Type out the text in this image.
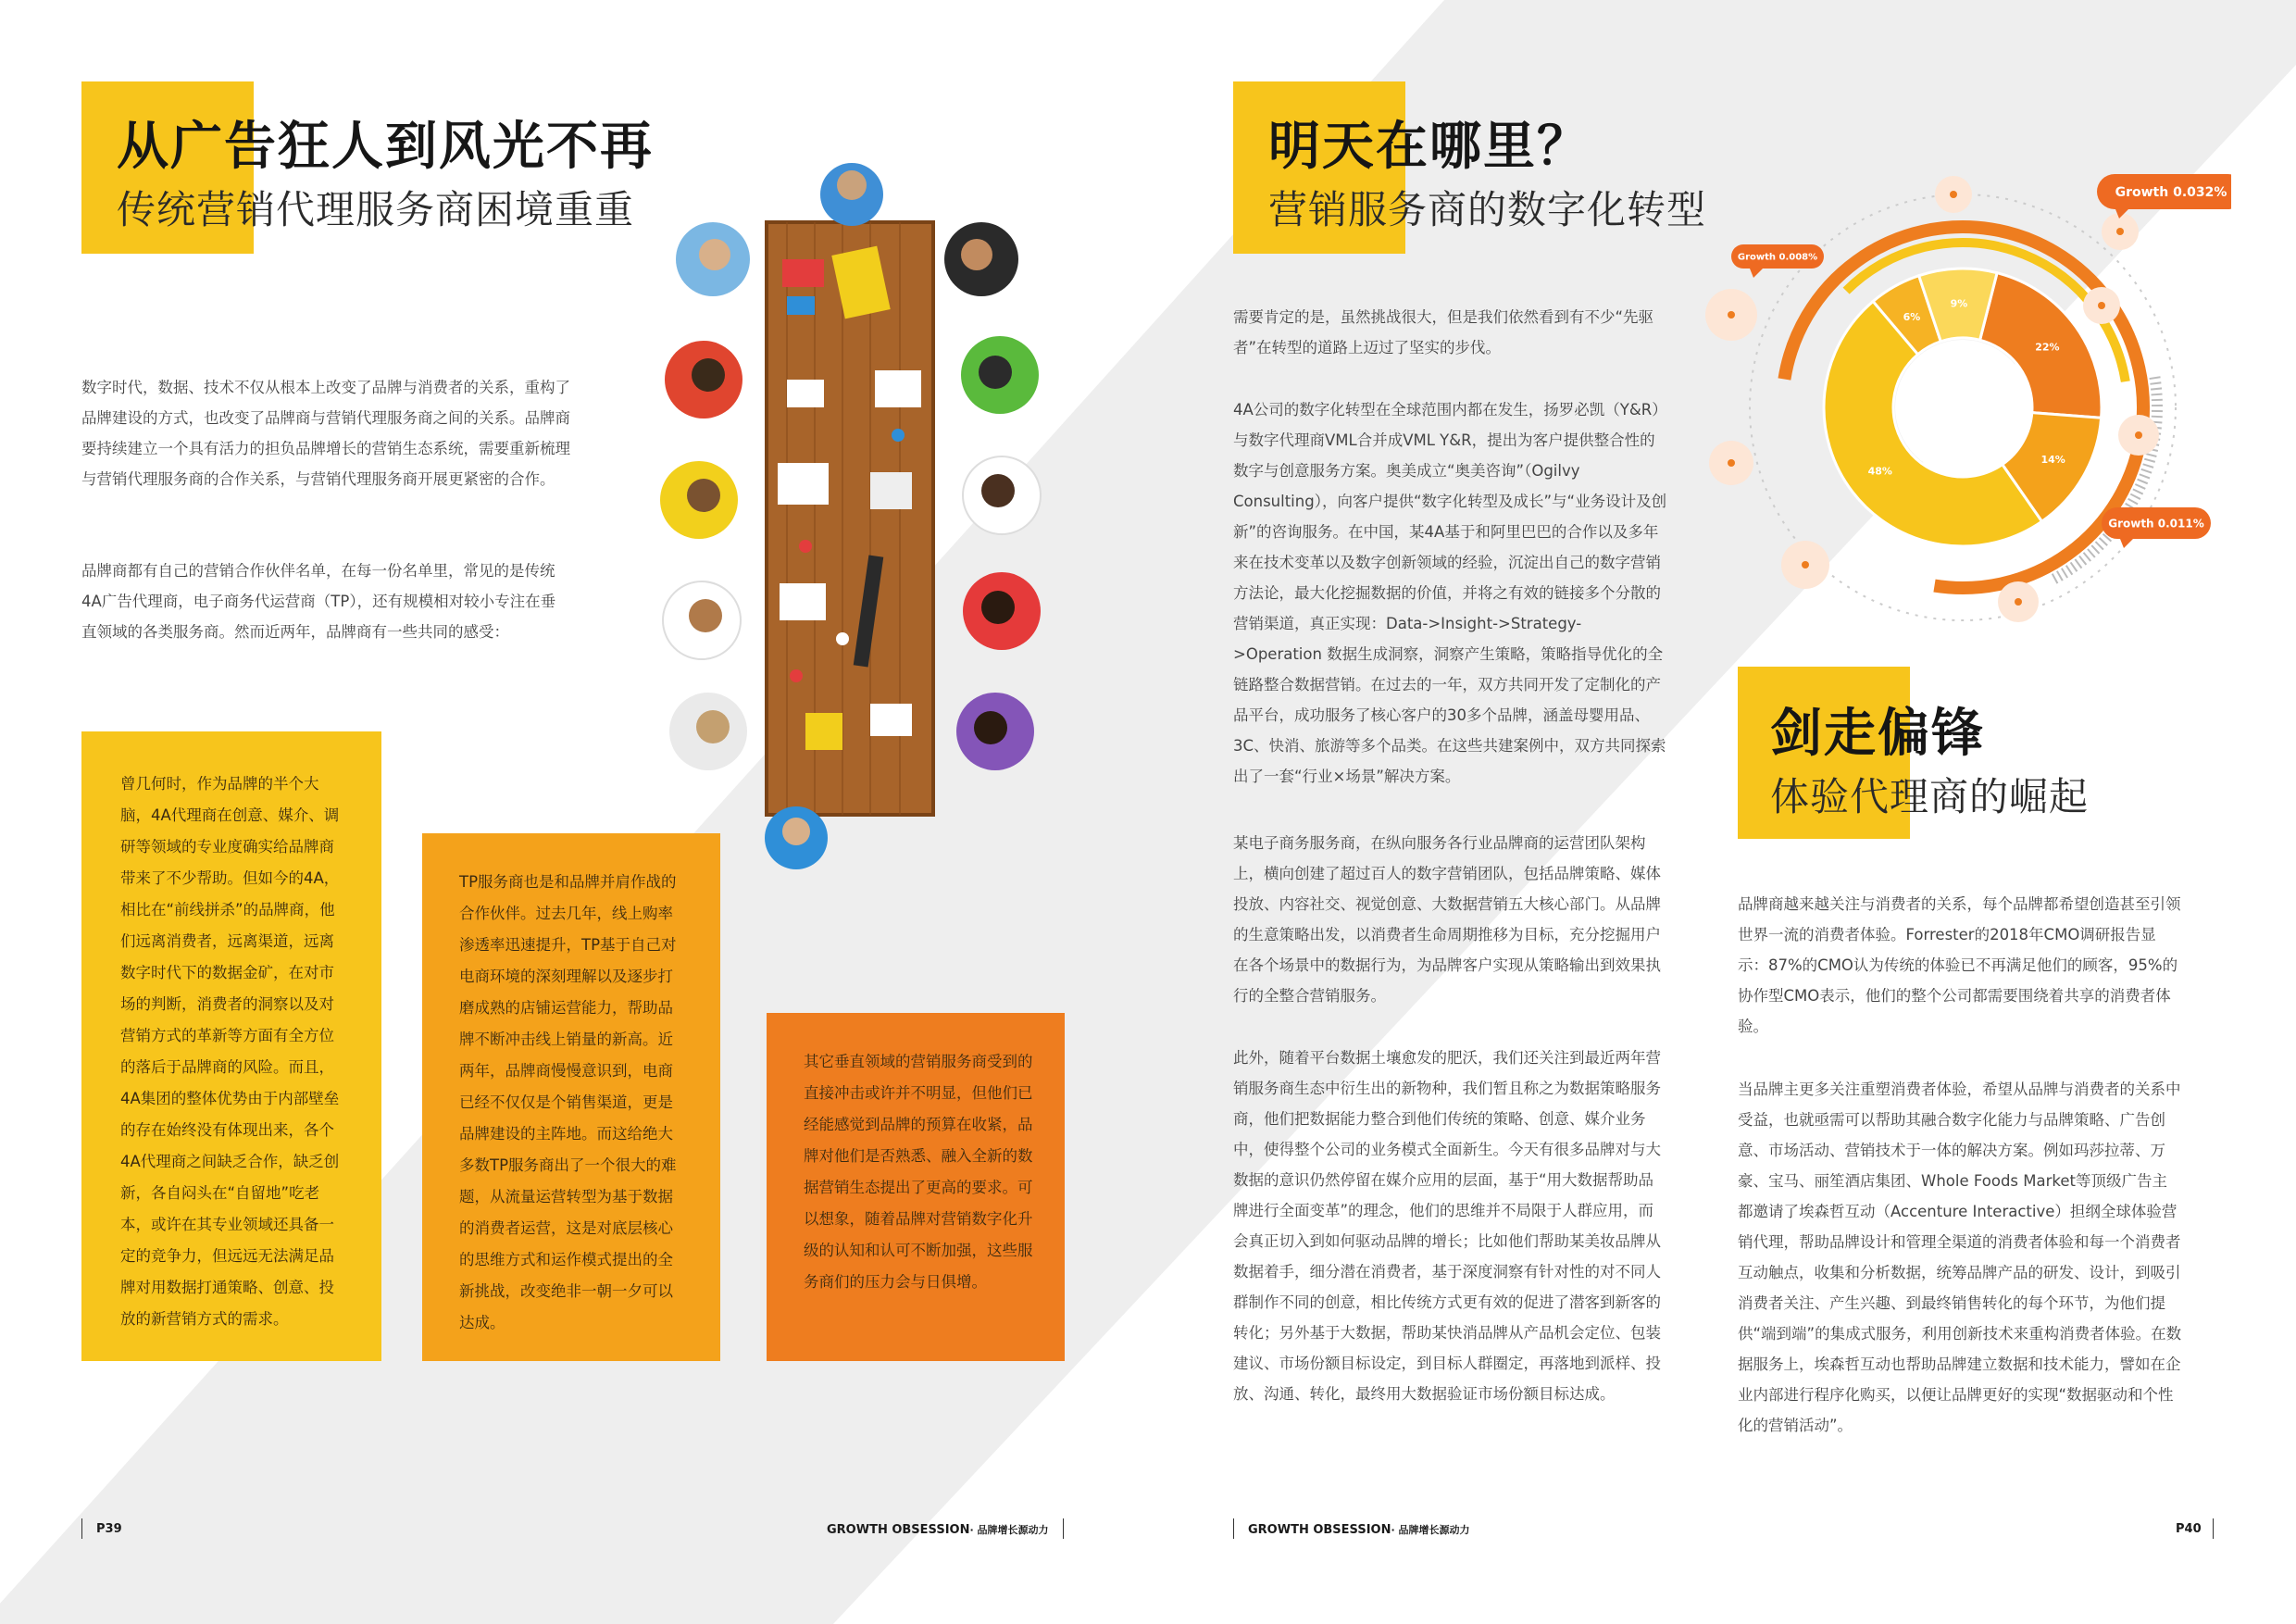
从广告狂人到风光不再
传统营销代理服务商困境重重

数字时代，数据、技术不仅从根本上改变了品牌与消费者的关系，重构了品牌建设的方式，也改变了品牌商与营销代理服务商之间的关系。品牌商要持续建立一个具有活力的担负品牌增长的营销生态系统，需要重新梳理与营销代理服务商的合作关系，与营销代理服务商开展更紧密的合作。

品牌商都有自己的营销合作伙伴名单，在每一份名单里，常见的是传统4A广告代理商，电子商务代运营商（TP），还有规模相对较小专注在垂直领域的各类服务商。然而近两年，品牌商有一些共同的感受：

曾几何时，作为品牌的半个大脑，4A代理商在创意、媒介、调研等领域的专业度确实给品牌商带来了不少帮助。但如今的4A，相比在“前线拼杀”的品牌商，他们远离消费者，远离渠道，远离数字时代下的数据金矿，在对市场的判断，消费者的洞察以及对营销方式的革新等方面有全方位的落后于品牌商的风险。而且，4A集团的整体优势由于内部壁垒的存在始终没有体现出来，各个4A代理商之间缺乏合作，缺乏创新，各自闷头在“自留地”吃老本，或许在其专业领域还具备一定的竞争力，但远远无法满足品牌对用数据打通策略、创意、投放的新营销方式的需求。

TP服务商也是和品牌并肩作战的合作伙伴。过去几年，线上购率渗透率迅速提升，TP基于自己对电商环境的深刻理解以及逐步打磨成熟的店铺运营能力，帮助品牌不断冲击线上销量的新高。近两年，品牌商慢慢意识到，电商已经不仅仅是个销售渠道，更是品牌建设的主阵地。而这给绝大多数TP服务商出了一个很大的难题，从流量运营转型为基于数据的消费者运营，这是对底层核心的思维方式和运作模式提出的全新挑战，改变绝非一朝一夕可以达成。

其它垂直领域的营销服务商受到的直接冲击或许并不明显，但他们已经能感觉到品牌的预算在收紧，品牌对他们是否熟悉、融入全新的数据营销生态提出了更高的要求。可以想象，随着品牌对营销数字化升级的认知和认可不断加强，这些服务商们的压力会与日俱增。

P39	GROWTH OBSESSION· 品牌增长源动力
明天在哪里？
营销服务商的数字化转型

需要肯定的是，虽然挑战很大，但是我们依然看到有不少“先驱者”在转型的道路上迈过了坚实的步伐。

4A公司的数字化转型在全球范围内都在发生，扬罗必凯（Y&R）与数字代理商VML合并成VML Y&R，提出为客户提供整合性的数字与创意服务方案。奥美成立“奥美咨询”（Ogilvy Consulting），向客户提供“数字化转型及成长”与“业务设计及创新”的咨询服务。在中国，某4A基于和阿里巴巴的合作以及多年来在技术变革以及数字创新领域的经验，沉淀出自己的数字营销方法论，最大化挖掘数据的价值，并将之有效的链接多个分散的营销渠道，真正实现：Data->Insight->Strategy->Operation 数据生成洞察，洞察产生策略，策略指导优化的全链路整合数据营销。在过去的一年，双方共同开发了定制化的产品平台，成功服务了核心客户的30多个品牌，涵盖母婴用品、3C、快消、旅游等多个品类。在这些共建案例中，双方共同探索出了一套“行业×场景”解决方案。

某电子商务服务商，在纵向服务各行业品牌商的运营团队架构上，横向创建了超过百人的数字营销团队，包括品牌策略、媒体投放、内容社交、视觉创意、大数据营销五大核心部门。从品牌的生意策略出发，以消费者生命周期推移为目标，充分挖掘用户在各个场景中的数据行为，为品牌客户实现从策略输出到效果执行的全整合营销服务。

此外，随着平台数据土壤愈发的肥沃，我们还关注到最近两年营销服务商生态中衍生出的新物种，我们暂且称之为数据策略服务商，他们把数据能力整合到他们传统的策略、创意、媒介业务中，使得整个公司的业务模式全面新生。今天有很多品牌对与大数据的意识仍然停留在媒介应用的层面，基于“用大数据帮助品牌进行全面变革”的理念，他们的思维并不局限于人群应用，而会真正切入到如何驱动品牌的增长；比如他们帮助某美妆品牌从数据着手，细分潜在消费者，基于深度洞察有针对性的对不同人群制作不同的创意，相比传统方式更有效的促进了潜客到新客的转化；另外基于大数据，帮助某快消品牌从产品机会定位、包装建议、市场份额目标设定，到目标人群圈定，再落地到派样、投放、沟通、转化，最终用大数据验证市场份额目标达成。

剑走偏锋
体验代理商的崛起

品牌商越来越关注与消费者的关系，每个品牌都希望创造甚至引领世界一流的消费者体验。Forrester的2018年CMO调研报告显示：87%的CMO认为传统的体验已不再满足他们的顾客，95%的协作型CMO表示，他们的整个公司都需要围绕着共享的消费者体验。

当品牌主更多关注重塑消费者体验，希望从品牌与消费者的关系中受益，也就亟需可以帮助其融合数字化能力与品牌策略、广告创意、市场活动、营销技术于一体的解决方案。例如玛莎拉蒂、万豪、宝马、丽笙酒店集团、Whole Foods Market等顶级广告主都邀请了埃森哲互动（Accenture Interactive）担纲全球体验营销代理，帮助品牌设计和管理全渠道的消费者体验和每一个消费者互动触点，收集和分析数据，统筹品牌产品的研发、设计，到吸引消费者关注、产生兴趣、到最终销售转化的每个环节，为他们提供“端到端”的集成式服务，利用创新技术来重构消费者体验。在数据服务上，埃森哲互动也帮助品牌建立数据和技术能力，譬如在企业内部进行程序化购买，以便让品牌更好的实现“数据驱动和个性化的营销活动”。

22%
14%
48%
6%
9%
Growth 0.032%
Growth 0.008%
Growth 0.011%
GROWTH OBSESSION· 品牌增长源动力	P40
